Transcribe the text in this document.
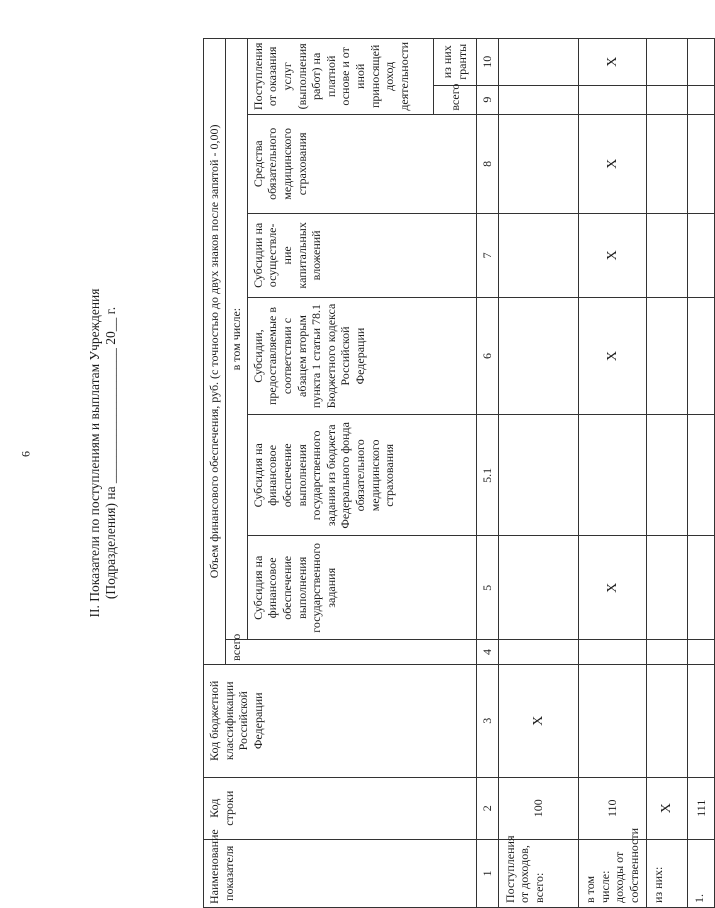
6	II. Показатели по поступлениям и выплатам Учреждения (Подразделения) на ____________________ 20__ г.
Наименование показателя	Код строки	Код бюджетной классификации Российской Федерации	Объем финансового обеспечения, руб. (с точностью до двух знаков после запятой - 0,00)							
			всего	в том числе:						
				Субсидия на финансовое обеспечение выполнения государственного задания	Субсидия на финансовое обеспечение выполнения государственного задания из бюджета Федерального фонда обязательного медицинского страхования	Субсидии, предоставляемые в соответствии с абзацем вторым пункта 1 статьи 78.1 Бюджетного кодекса Российской Федерации	Субсидии на осуществле-ние капитальных вложений	Средства обязательного медицинского страхования	Поступления от оказания услуг (выполнения работ) на платной основе и от иной приносящей доход деятельности	
									всего	из них гранты
1	2	3	4	5	5.1	6	7	8	9	10
Поступления от доходов, всего:	100	X								
в том числе: доходы от собственности	110			X		X	X	X		X
из них:	X									
1.	111									
